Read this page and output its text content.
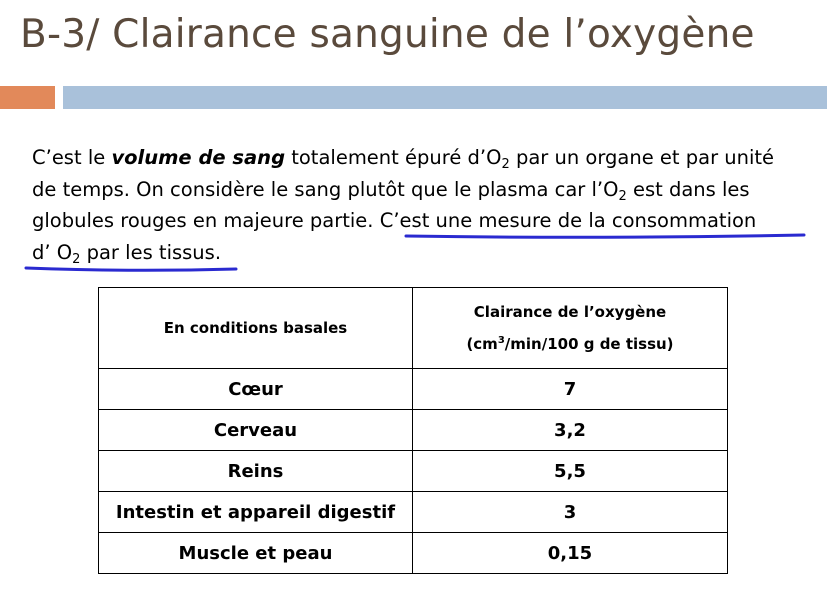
B-3/ Clairance sanguine de l’oxygène
C’est le volume de sang totalement épuré $d’O_2$ par un organe et par unité
de temps. On considère le sang plutôt que le plasma car $l’O_2$ est dans les
globules rouges en majeure partie. C’est une mesure de la consommation
d’ $O_2$ par les tissus.
En conditions basales	Clairance de l’oxygène
($cm^3/\min/100$ g de tissu)
Cœur	7
Cerveau	3,2
Reins	5,5
Intestin et appareil digestif	3
Muscle et peau	0,15
